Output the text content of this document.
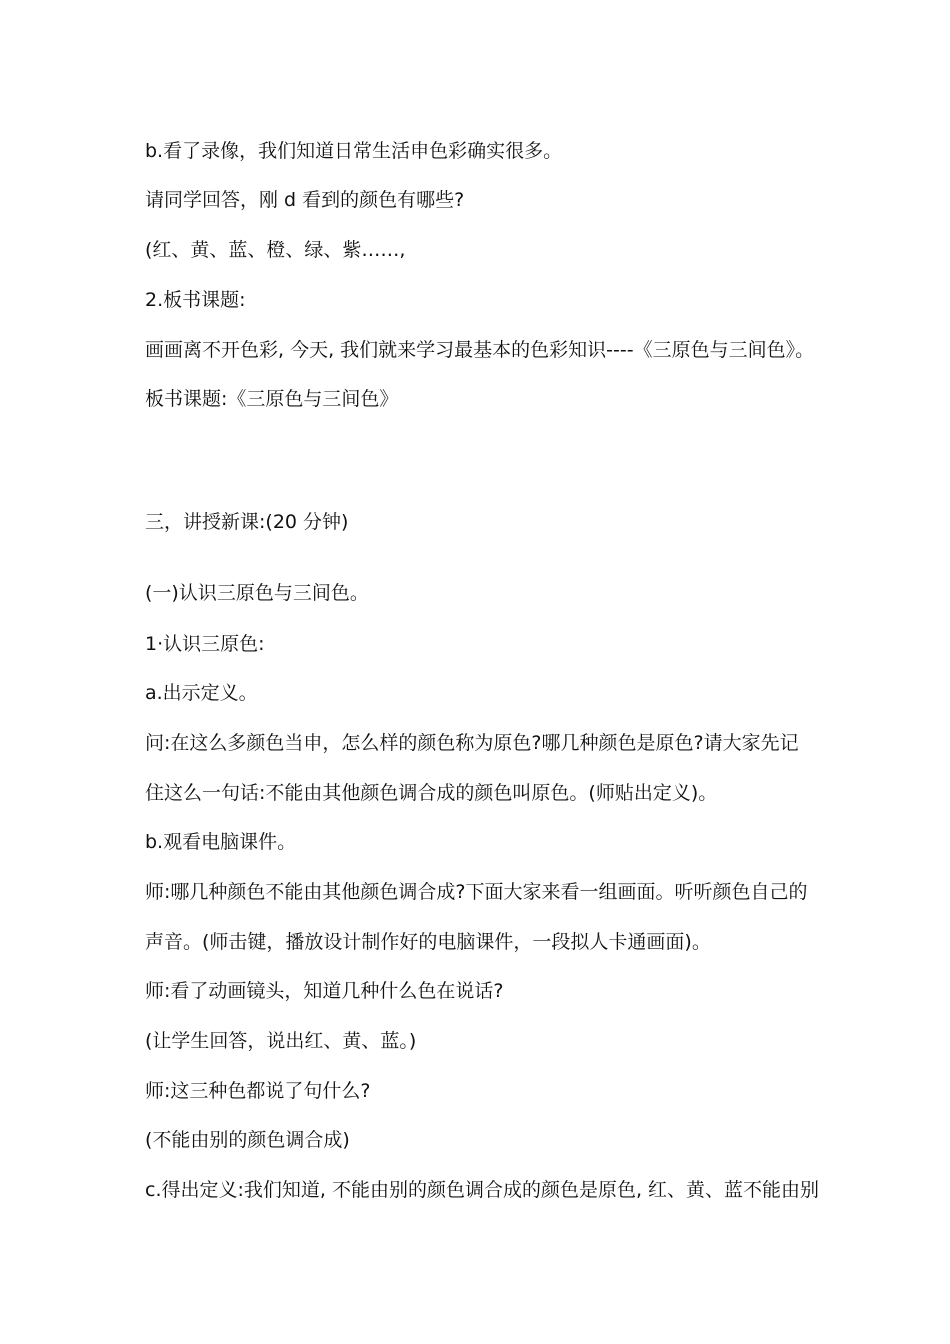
b.看了录像，我们知道日常生活申色彩确实很多。
请同学回答，刚 d 看到的颜色有哪些?
(红、黄、蓝、橙、绿、紫……,
2.板书课题:
画画离不开色彩, 今天, 我们就来学习最基本的色彩知识----《三原色与三间色》。
板书课题:《三原色与三间色》
三，讲授新课:(20 分钟)
(一)认识三原色与三间色。
1·认识三原色:
a.出示定义。
问:在这么多颜色当申，怎么样的颜色称为原色?哪几种颜色是原色?请大家先记
住这么一句话:不能由其他颜色调合成的颜色叫原色。(师贴出定义)。
b.观看电脑课件。
师:哪几种颜色不能由其他颜色调合成?下面大家来看一组画面。听听颜色自己的
声音。(师击键，播放设计制作好的电脑课件，一段拟人卡通画面)。
师:看了动画镜头，知道几种什么色在说话?
(让学生回答，说出红、黄、蓝。)
师:这三种色都说了句什么?
(不能由别的颜色调合成)
c.得出定义:我们知道, 不能由别的颜色调合成的颜色是原色, 红、黄、蓝不能由别
